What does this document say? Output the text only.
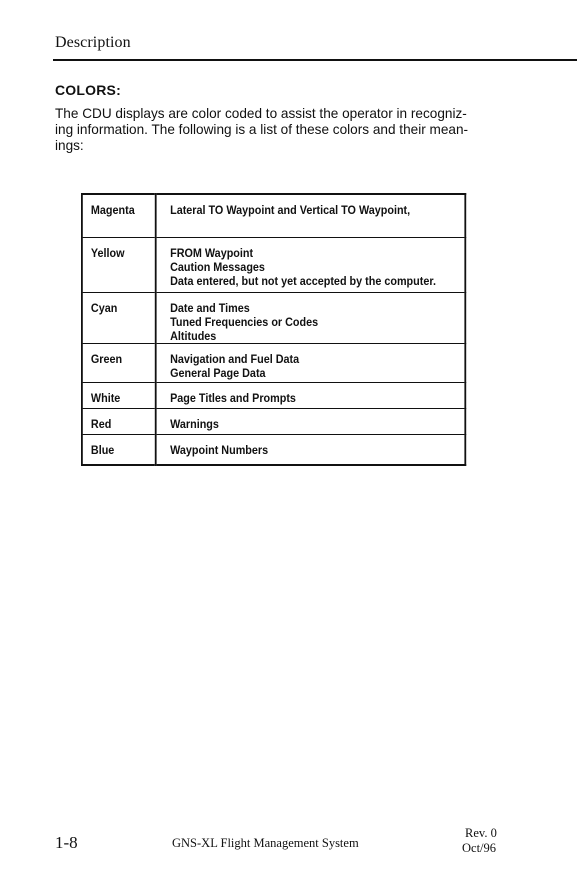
Description
COLORS:
The CDU displays are color coded to assist the operator in recogniz-
ing information. The following is a list of these colors and their mean-
ings:
Magenta	Lateral TO Waypoint and Vertical TO Waypoint,

Yellow	FROM Waypoint
Caution Messages
Data entered, but not yet accepted by the computer.

Cyan	Date and Times
Tuned Frequencies or Codes
Altitudes

Green	Navigation and Fuel Data
General Page Data

White	Page Titles and Prompts

Red	Warnings

Blue	Waypoint Numbers
1-8	GNS-XL Flight Management System
Rev. 0
Oct/96
